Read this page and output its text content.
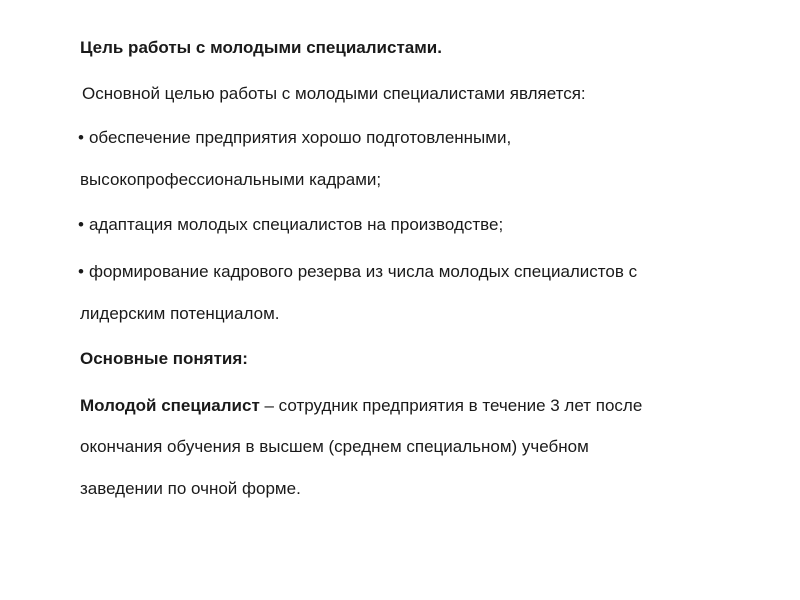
Цель работы с молодыми специалистами.
Основной целью работы с молодыми специалистами является:
• обеспечение предприятия хорошо подготовленными,
высокопрофессиональными кадрами;
• адаптация молодых специалистов на производстве;
• формирование кадрового резерва из числа молодых специалистов с
лидерским потенциалом.
Основные понятия:
Молодой специалист – сотрудник предприятия в течение 3 лет после
окончания обучения в высшем (среднем специальном) учебном
заведении по очной форме.
